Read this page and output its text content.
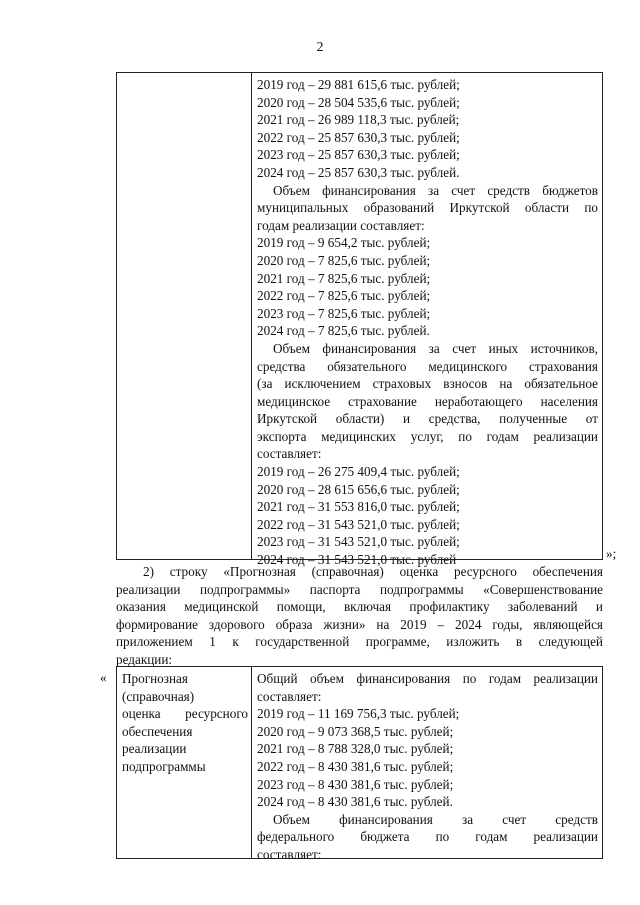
2
2019 год – 29 881 615,6 тыс. рублей;
2020 год – 28 504 535,6 тыс. рублей;
2021 год – 26 989 118,3 тыс. рублей;
2022 год – 25 857 630,3 тыс. рублей;
2023 год – 25 857 630,3 тыс. рублей;
2024 год – 25 857 630,3 тыс. рублей.
Объем финансирования за счет средств бюджетов
муниципальных образований Иркутской области по
годам реализации составляет:
2019 год – 9 654,2 тыс. рублей;
2020 год – 7 825,6 тыс. рублей;
2021 год – 7 825,6 тыс. рублей;
2022 год – 7 825,6 тыс. рублей;
2023 год – 7 825,6 тыс. рублей;
2024 год – 7 825,6 тыс. рублей.
Объем финансирования за счет иных источников,
средства обязательного медицинского страхования
(за исключением страховых взносов на обязательное
медицинское страхование неработающего населения
Иркутской области) и средства, полученные от
экспорта медицинских услуг, по годам реализации
составляет:
2019 год – 26 275 409,4 тыс. рублей;
2020 год – 28 615 656,6 тыс. рублей;
2021 год – 31 553 816,0 тыс. рублей;
2022 год – 31 543 521,0 тыс. рублей;
2023 год – 31 543 521,0 тыс. рублей;
2024 год – 31 543 521,0 тыс. рублей	»;
2) строку «Прогнозная (справочная) оценка ресурсного обеспечения
реализации подпрограммы» паспорта подпрограммы «Совершенствование
оказания медицинской помощи, включая профилактику заболеваний и
формирование здорового образа жизни» на 2019 – 2024 годы, являющейся
приложением 1 к государственной программе, изложить в следующей
редакции:
« Прогнозная
(справочная)
оценка ресурсного
обеспечения
реализации
подпрограммы
Общий объем финансирования по годам реализации
составляет:
2019 год – 11 169 756,3 тыс. рублей;
2020 год – 9 073 368,5 тыс. рублей;
2021 год – 8 788 328,0 тыс. рублей;
2022 год – 8 430 381,6 тыс. рублей;
2023 год – 8 430 381,6 тыс. рублей;
2024 год – 8 430 381,6 тыс. рублей.
Объем финансирования за счет средств
федерального бюджета по годам реализации
составляет:
